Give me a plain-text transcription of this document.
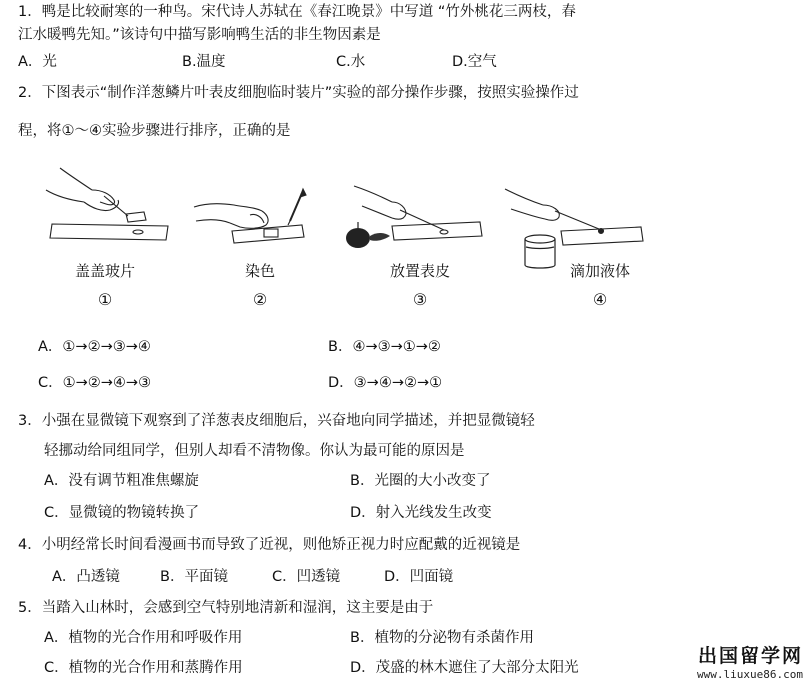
1．鸭是比较耐寒的一种鸟。宋代诗人苏轼在《春江晚景》中写道 “竹外桃花三两枝，春
江水暖鸭先知。”该诗句中描写影响鸭生活的非生物因素是
A．光	B.温度	C.水	D.空气
2．下图表示“制作洋葱鳞片叶表皮细胞临时装片”实验的部分操作步骤，按照实验操作过
程，将①～④实验步骤进行排序，正确的是
盖盖玻片	染色	放置表皮	滴加液体
①	②	③	④
A．①→②→③→④	B．④→③→①→②
C．①→②→④→③	D．③→④→②→①
3．小强在显微镜下观察到了洋葱表皮细胞后，兴奋地向同学描述，并把显微镜轻
轻挪动给同组同学，但别人却看不清物像。你认为最可能的原因是
A．没有调节粗准焦螺旋	B．光圈的大小改变了
C．显微镜的物镜转换了	D．射入光线发生改变
4．小明经常长时间看漫画书而导致了近视，则他矫正视力时应配戴的近视镜是
A．凸透镜	B．平面镜	C．凹透镜	D．凹面镜
5．当踏入山林时，会感到空气特别地清新和湿润，这主要是由于
A．植物的光合作用和呼吸作用	B．植物的分泌物有杀菌作用
C．植物的光合作用和蒸腾作用	D．茂盛的林木遮住了大部分太阳光
出国留学网
www.liuxue86.com
